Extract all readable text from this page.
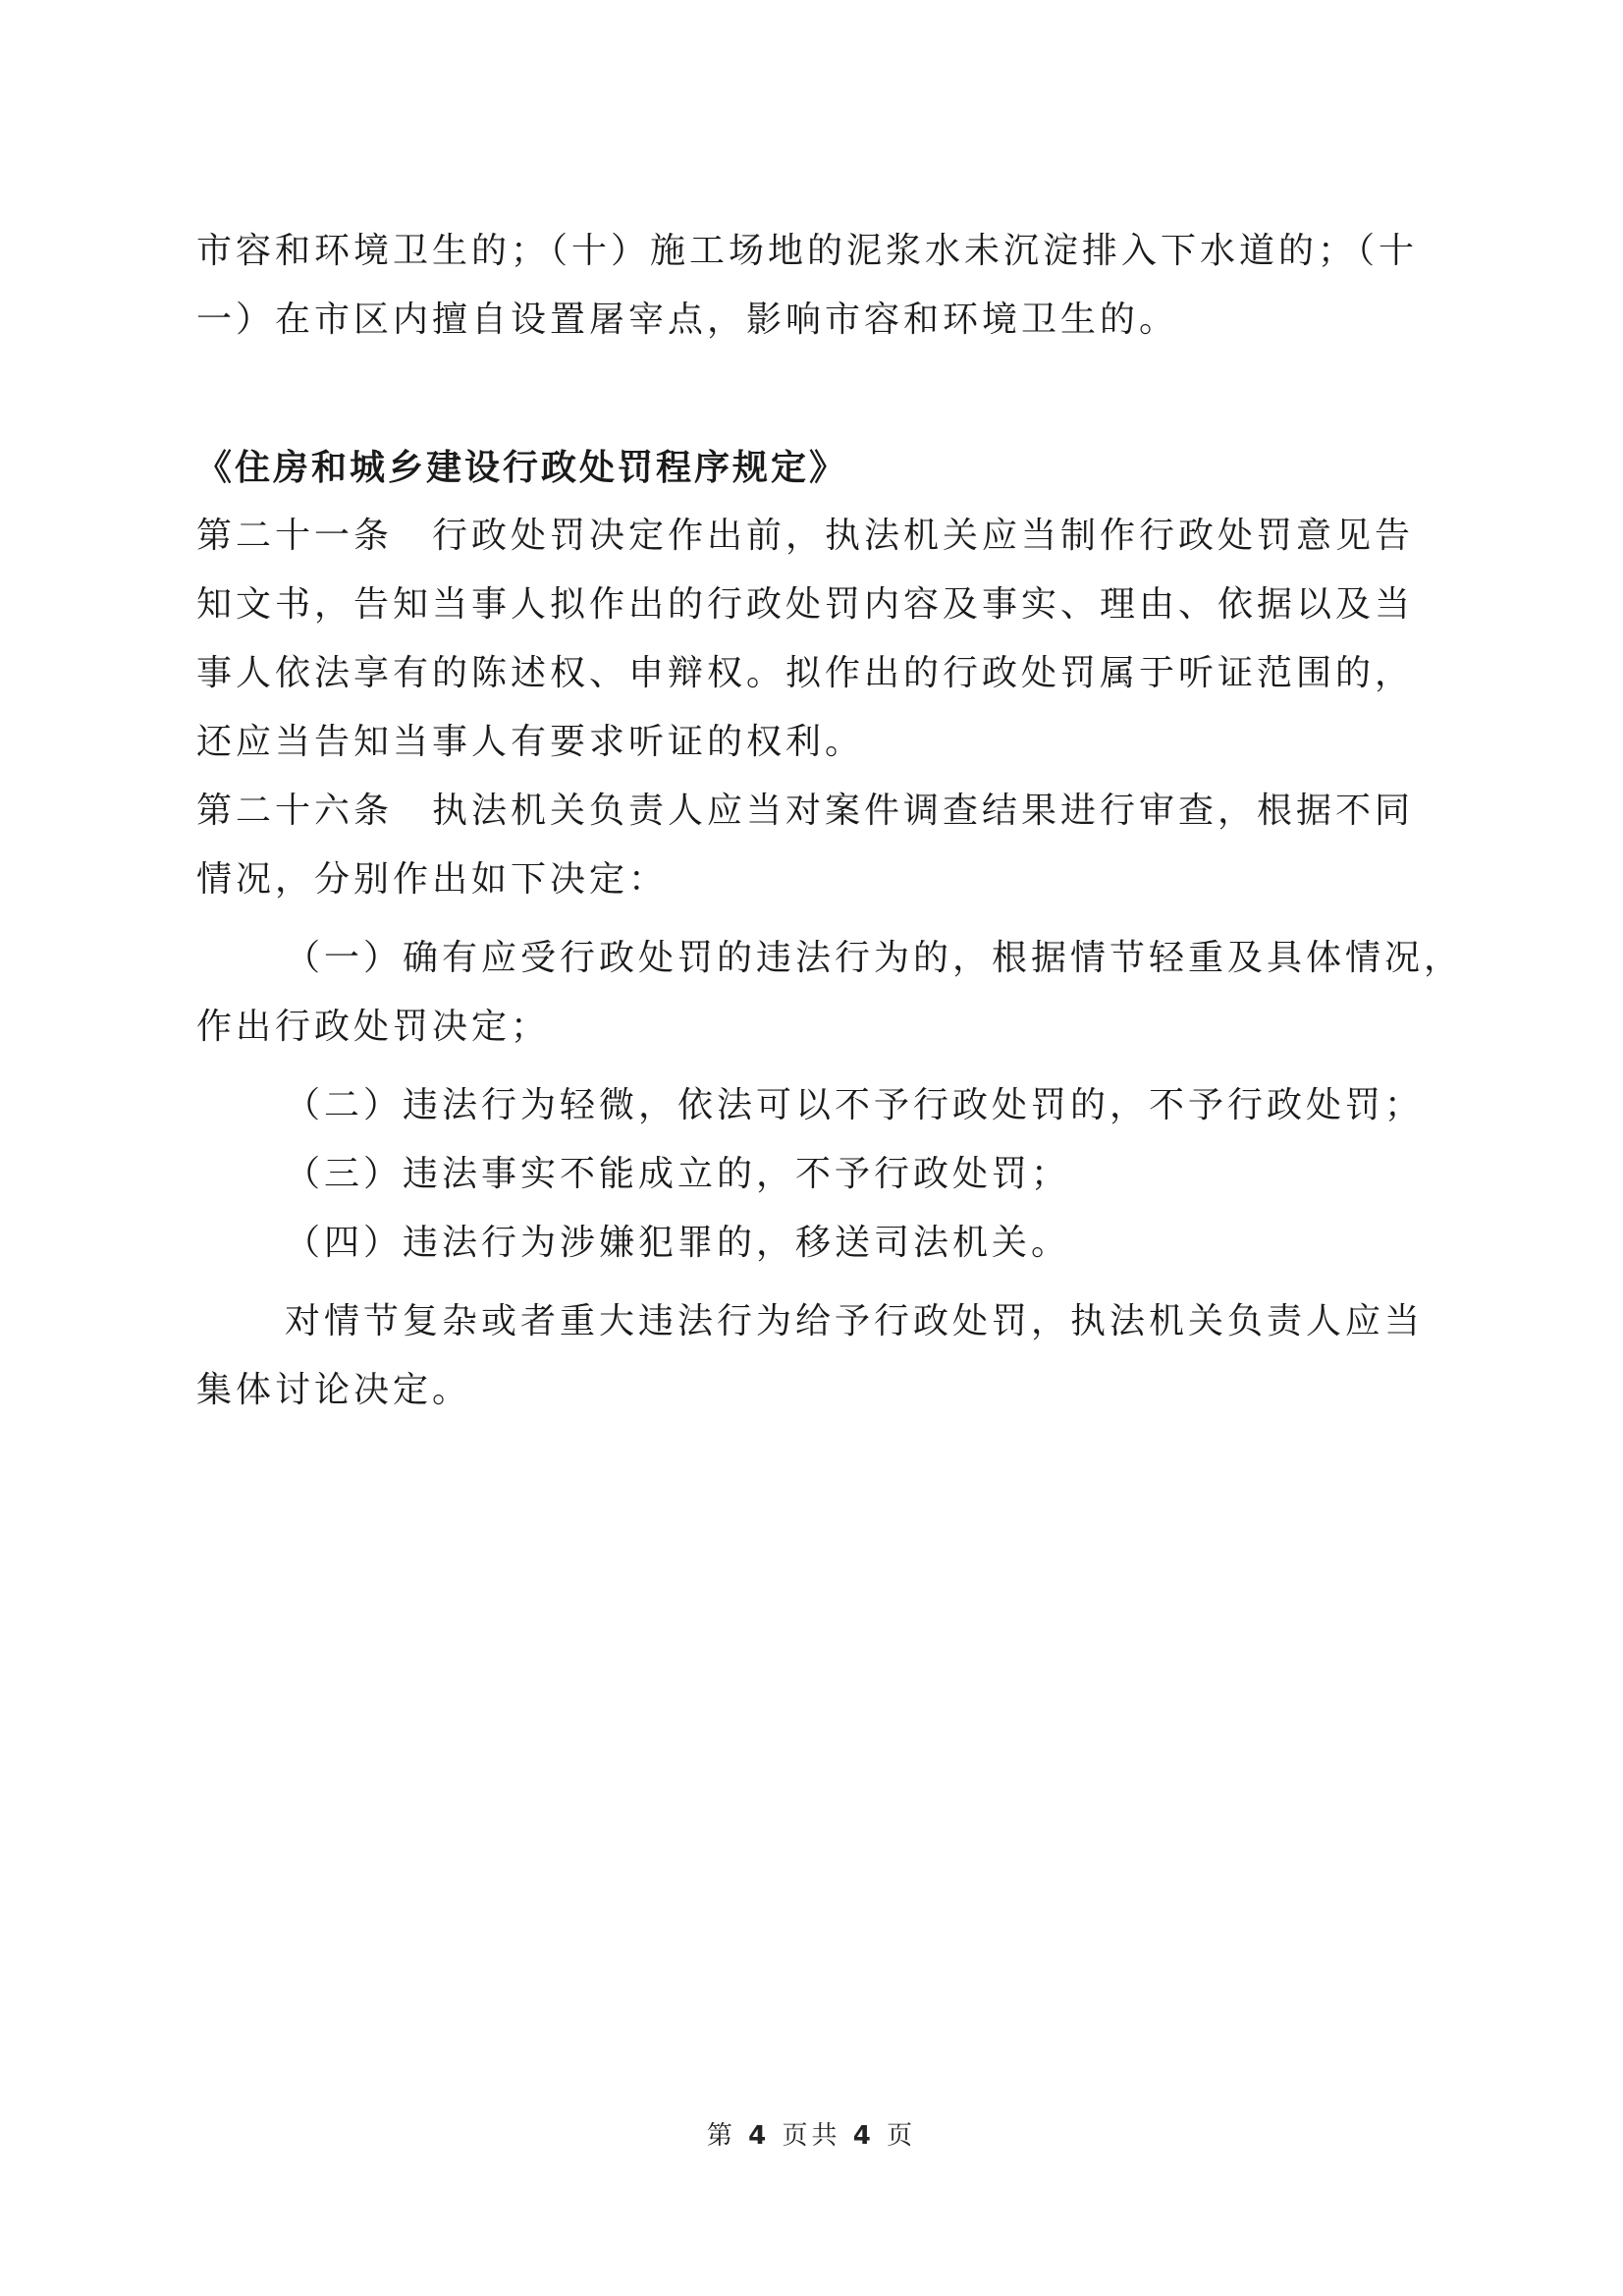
市容和环境卫生的；（十）施工场地的泥浆水未沉淀排入下水道的；（十
一）在市区内擅自设置屠宰点，影响市容和环境卫生的。
《住房和城乡建设行政处罚程序规定》
第二十一条　行政处罚决定作出前，执法机关应当制作行政处罚意见告
知文书，告知当事人拟作出的行政处罚内容及事实、理由、依据以及当
事人依法享有的陈述权、申辩权。拟作出的行政处罚属于听证范围的，
还应当告知当事人有要求听证的权利。
第二十六条　执法机关负责人应当对案件调查结果进行审查，根据不同
情况，分别作出如下决定：
（一）确有应受行政处罚的违法行为的，根据情节轻重及具体情况，
作出行政处罚决定；
（二）违法行为轻微，依法可以不予行政处罚的，不予行政处罚；
（三）违法事实不能成立的，不予行政处罚；
（四）违法行为涉嫌犯罪的，移送司法机关。
对情节复杂或者重大违法行为给予行政处罚，执法机关负责人应当
集体讨论决定。
第 4 页共 4 页
